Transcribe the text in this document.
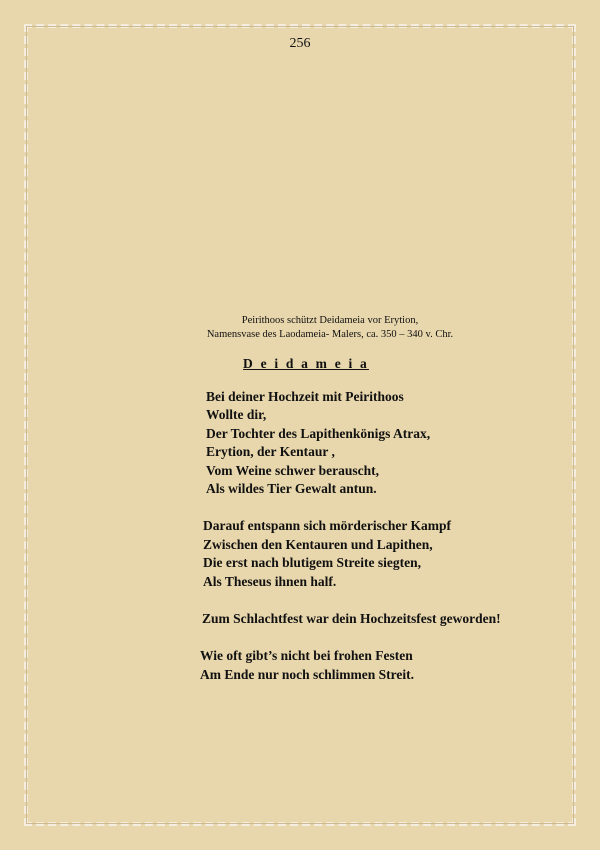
256
Peirithoos schützt Deidameia vor Erytion,
Namensvase des Laodameia- Malers, ca. 350 – 340 v. Chr.
D e i d a m e i a
Bei deiner Hochzeit mit Peirithoos
Wollte dir,
Der Tochter des Lapithenkönigs Atrax,
Erytion, der Kentaur ,
Vom Weine schwer berauscht,
Als wildes Tier Gewalt antun.
Darauf entspann sich mörderischer Kampf
Zwischen den Kentauren und Lapithen,
Die erst nach blutigem Streite siegten,
Als Theseus ihnen half.
Zum Schlachtfest war dein Hochzeitsfest geworden!
Wie oft gibt’s nicht bei frohen Festen
Am Ende nur noch schlimmen Streit.
